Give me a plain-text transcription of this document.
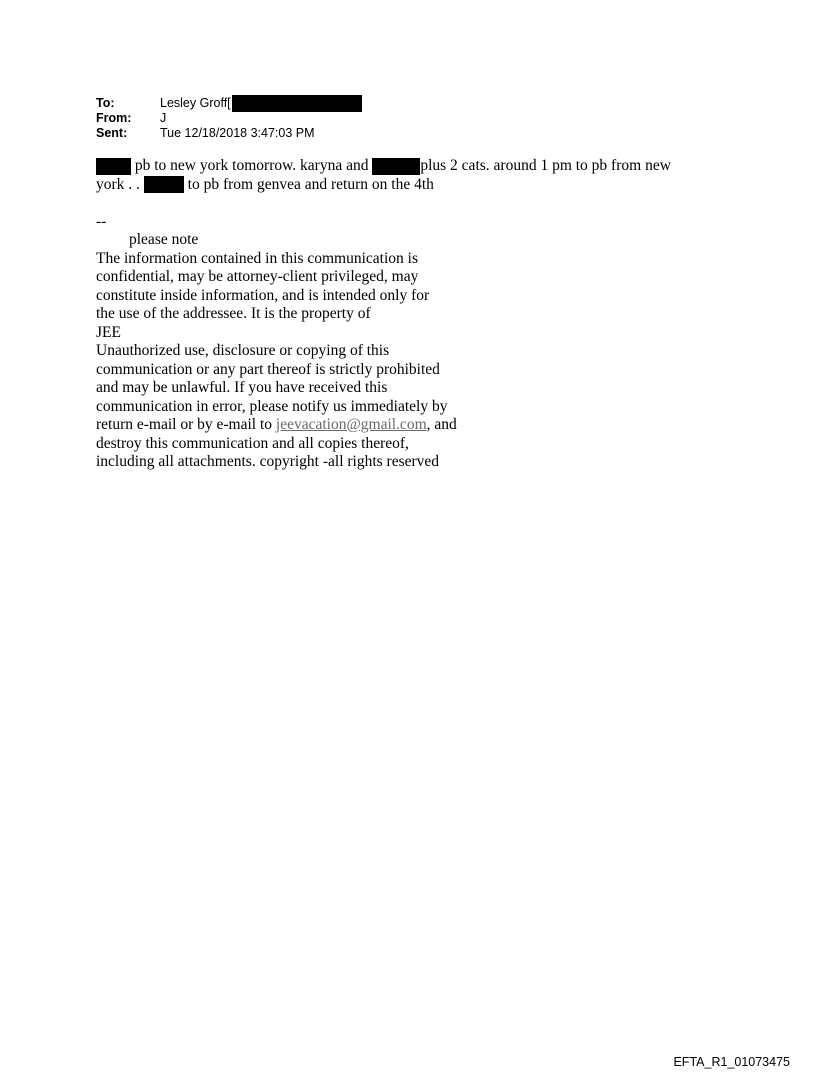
To:	Lesley Groff[
From:	J
Sent:	Tue 12/18/2018 3:47:03 PM
pb to new york tomorrow. karyna and	plus 2 cats. around 1 pm to pb from new
york . .	to pb from genvea and return on the 4th
--
please note
The information contained in this communication is
confidential, may be attorney-client privileged, may
constitute inside information, and is intended only for
the use of the addressee. It is the property of
JEE
Unauthorized use, disclosure or copying of this
communication or any part thereof is strictly prohibited
and may be unlawful. If you have received this
communication in error, please notify us immediately by
return e-mail or by e-mail to jeevacation@gmail.com, and
destroy this communication and all copies thereof,
including all attachments. copyright -all rights reserved
EFTA_R1_01073475
